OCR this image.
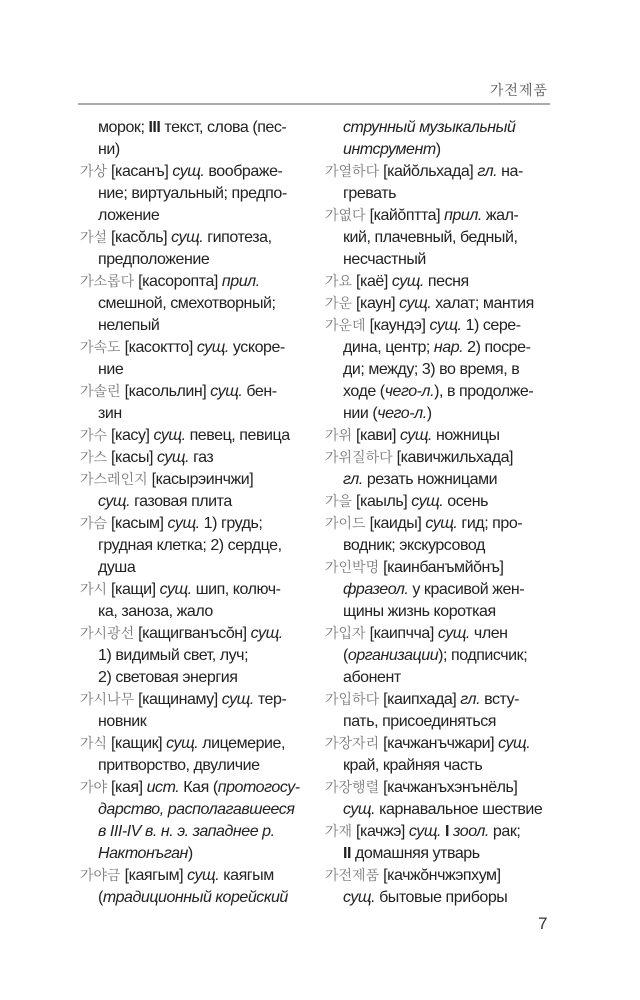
가전제품
морок; III текст, слова (пес-
ни)
가상 [касанъ] сущ. воображе-
ние; виртуальный; предпо-
ложение
가설 [касŏль] сущ. гипотеза,
предположение
가소롭다 [касоропта] прил.
смешной, смехотворный;
нелепый
가속도 [касоктто] сущ. ускоре-
ние
가솔린 [касольлин] сущ. бен-
зин
가수 [касу] сущ. певец, певица
가스 [касы] сущ. газ
가스레인지 [касырэинчжи]
сущ. газовая плита
가슴 [касым] сущ. 1) грудь;
грудная клетка; 2) сердце,
душа
가시 [кащи] сущ. шип, колюч-
ка, заноза, жало
가시광선 [кащигванъсŏн] сущ.
1) видимый свет, луч;
2) световая энергия
가시나무 [кащинаму] сущ. тер-
новник
가식 [кащик] сущ. лицемерие,
притворство, двуличие
가야 [кая] ист. Кая (протогосу-
дарство, располагавшееся
в III-IV в. н. э. западнее р.
Нактонъган)
가야금 [каягым] сущ. каягым
(традиционный корейский
струнный музыкальный
интсрумент)
가열하다 [кайŏльхада] гл. на-
гревать
가엾다 [кайŏптта] прил. жал-
кий, плачевный, бедный,
несчастный
가요 [каё] сущ. песня
가운 [каун] сущ. халат; мантия
가운데 [каундэ] сущ. 1) сере-
дина, центр; нар. 2) посре-
ди; между; 3) во время, в
ходе (чего-л.), в продолже-
нии (чего-л.)
가위 [кави] сущ. ножницы
가위질하다 [кавичжильхада]
гл. резать ножницами
가을 [каыль] сущ. осень
가이드 [каиды] сущ. гид; про-
водник; экскурсовод
가인박명 [каинбанъмйŏнъ]
фразеол. у красивой жен-
щины жизнь короткая
가입자 [каипчча] сущ. член
(организации); подписчик;
абонент
가입하다 [каипхада] гл. всту-
пать, присоединяться
가장자리 [качжанъчжари] сущ.
край, крайняя часть
가장행렬 [качжанъхэнънёль]
сущ. карнавальное шествие
가재 [качжэ] сущ. I зоол. рак;
II домашняя утварь
가전제품 [качжŏнчжэпхум]
сущ. бытовые приборы
7
